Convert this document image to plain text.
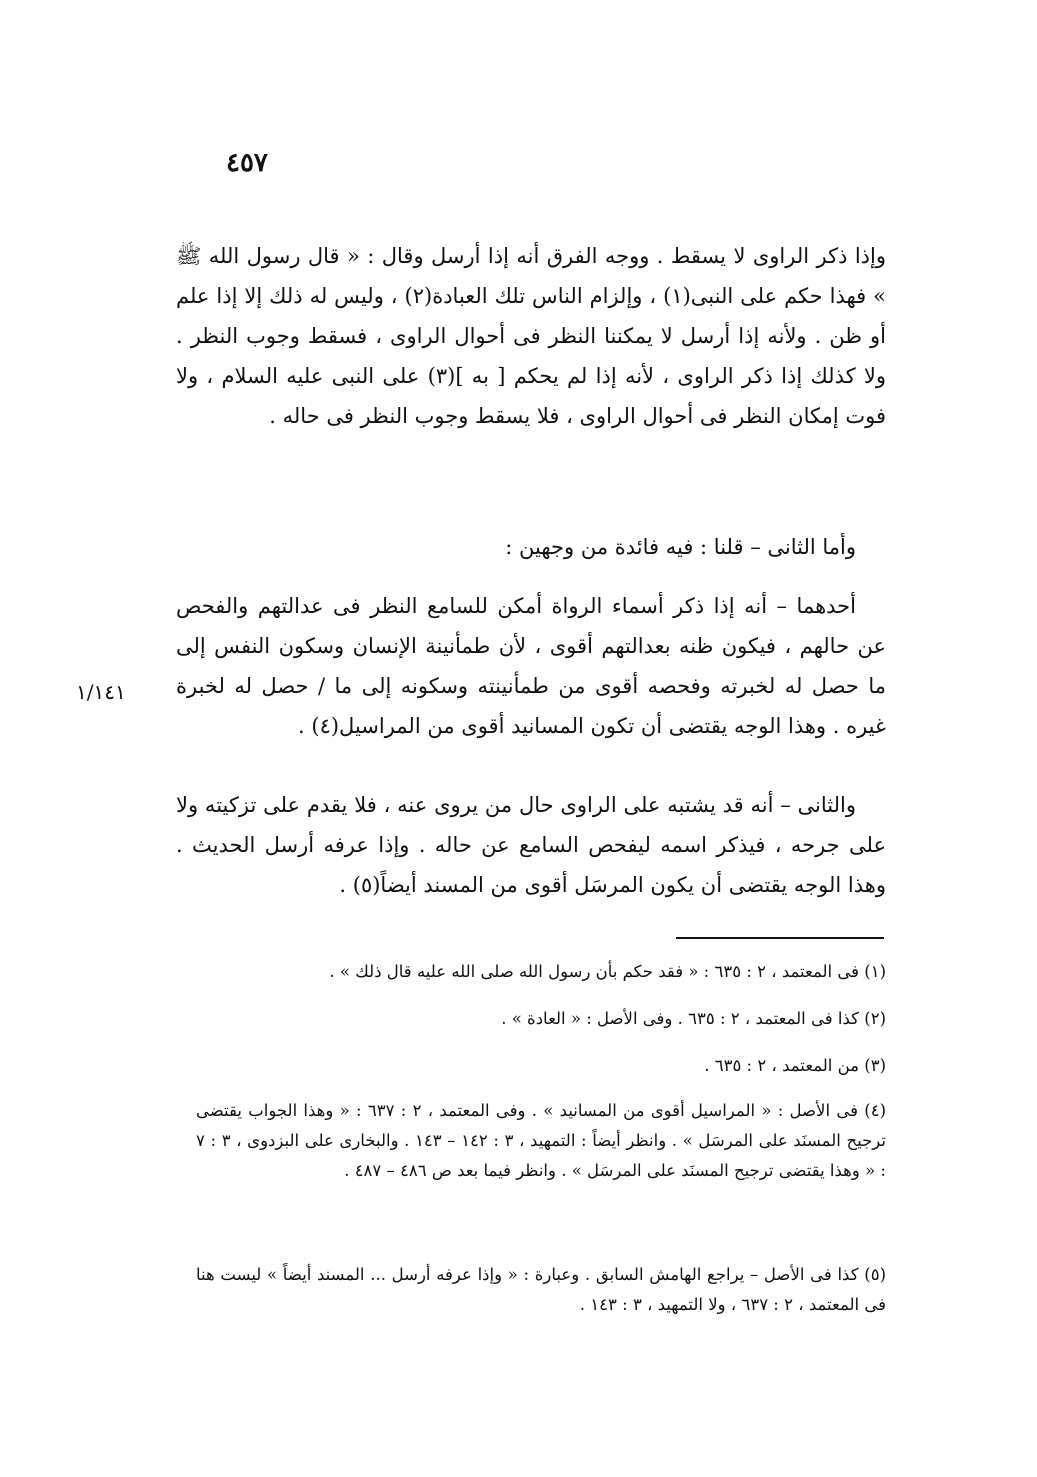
٤٥٧

وإذا ذكر الراوى لا يسقط . ووجه الفرق أنه إذا أرسل وقال : « قال رسول الله ﷺ » فهذا حكم على النبى(١) ، وإلزام الناس تلك العبادة(٢) ، وليس له ذلك إلا إذا علم أو ظن . ولأنه إذا أرسل لا يمكننا النظر فى أحوال الراوى ، فسقط وجوب النظر . ولا كذلك إذا ذكر الراوى ، لأنه إذا لم يحكم [ به ](٣) على النبى عليه السلام ، ولا فوت إمكان النظر فى أحوال الراوى ، فلا يسقط وجوب النظر فى حاله .

وأما الثانى – قلنا : فيه فائدة من وجهين :

أحدهما – أنه إذا ذكر أسماء الرواة أمكن للسامع النظر فى عدالتهم والفحص عن حالهم ، فيكون ظنه بعدالتهم أقوى ، لأن طمأنينة الإنسان وسكون النفس إلى ما حصل له لخبرته وفحصه أقوى من طمأنينته وسكونه إلى ما / حصل له لخبرة غيره . وهذا الوجه يقتضى أن تكون المسانيد أقوى من المراسيل(٤) .

١/١٤١

والثانى – أنه قد يشتبه على الراوى حال من يروى عنه ، فلا يقدم على تزكيته ولا على جرحه ، فيذكر اسمه ليفحص السامع عن حاله . وإذا عرفه أرسل الحديث . وهذا الوجه يقتضى أن يكون المرسَل أقوى من المسند أيضاً(٥) .

(١) فى المعتمد ، ٢ : ٦٣٥ : « فقد حكم بأن رسول الله صلى الله عليه قال ذلك » .

(٢) كذا فى المعتمد ، ٢ : ٦٣٥ . وفى الأصل : « العادة » .

(٣) من المعتمد ، ٢ : ٦٣٥ .

(٤) فى الأصل : « المراسيل أقوى من المسانيد » . وفى المعتمد ، ٢ : ٦٣٧ : « وهذا الجواب يقتضى ترجيح المسنَد على المرسَل » . وانظر أيضاً : التمهيد ، ٣ : ١٤٢ – ١٤٣ . والبخارى على البزدوى ، ٣ : ٧ : « وهذا يقتضى ترجيح المسنَد على المرسَل » . وانظر فيما بعد ص ٤٨٦ – ٤٨٧ .

(٥) كذا فى الأصل – يراجع الهامش السابق . وعبارة : « وإذا عرفه أرسل ... المسند أيضاً » ليست هنا فى المعتمد ، ٢ : ٦٣٧ ، ولا التمهيد ، ٣ : ١٤٣ .
